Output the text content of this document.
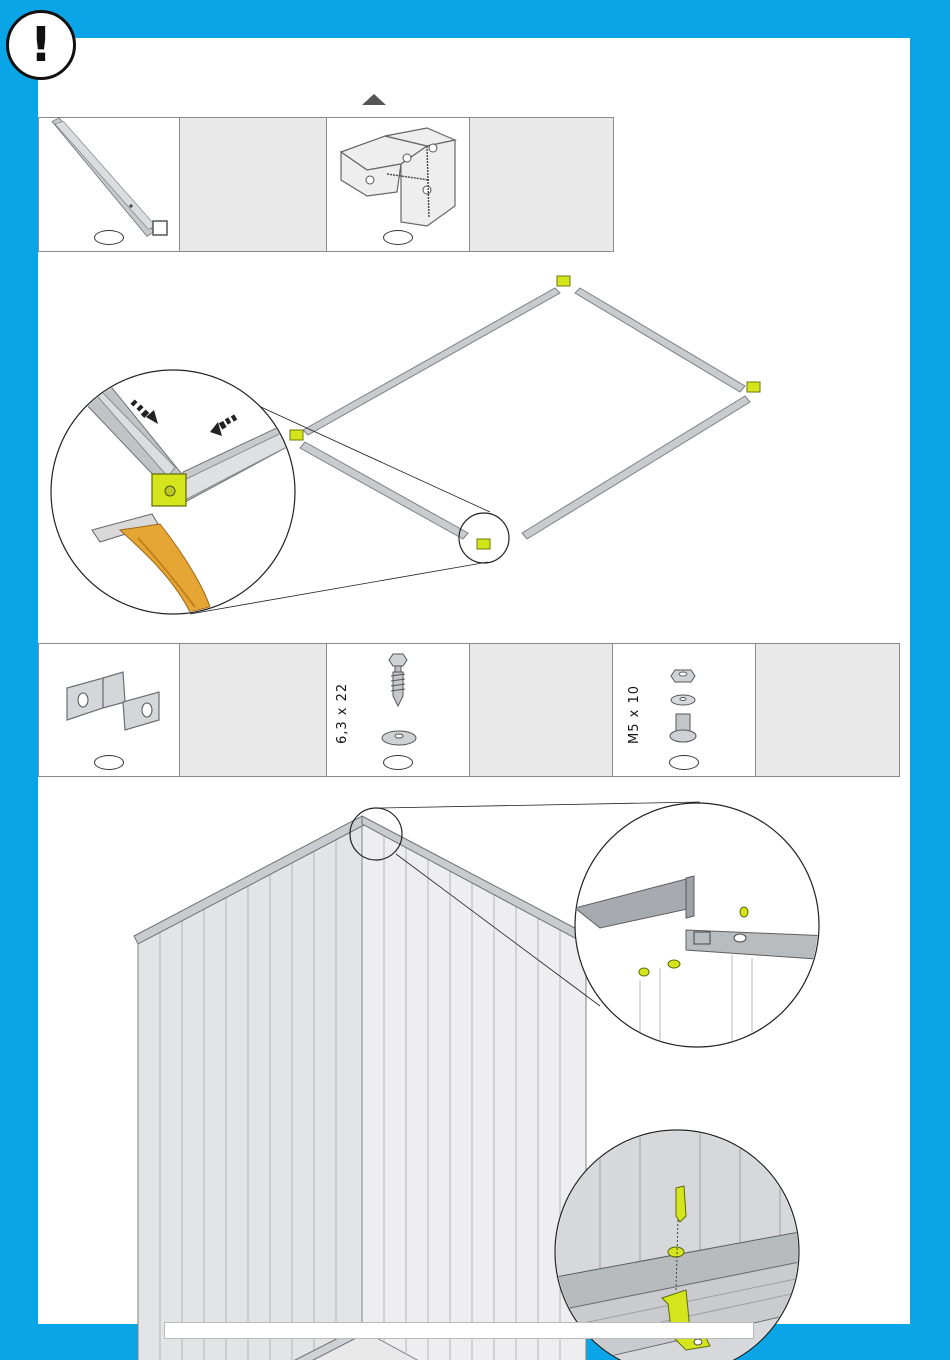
!
6,3 x 22	M5 x 10
